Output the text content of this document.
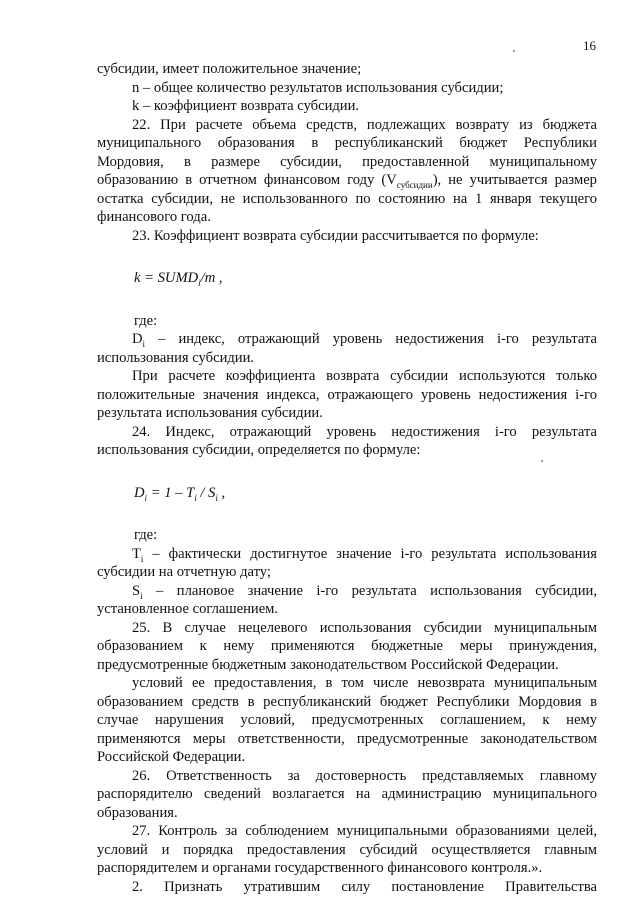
16

субсидии, имеет положительное значение;

n – общее количество результатов использования субсидии;

k – коэффициент возврата субсидии.

22. При расчете объема средств, подлежащих возврату из бюджета муниципального образования в республиканский бюджет Республики Мордовия, в размере субсидии, предоставленной муниципальному образованию в отчетном финансовом году $(V_{субсидии})$, не учитывается размер остатка субсидии, не использованного по состоянию на 1 января текущего финансового года.

23. Коэффициент возврата субсидии рассчитывается по формуле:

$k = SUMD_i/m$ ,

где:

$D_i$ – индекс, отражающий уровень недостижения i-го результата использования субсидии.

При расчете коэффициента возврата субсидии используются только положительные значения индекса, отражающего уровень недостижения i-го результата использования субсидии.

24. Индекс, отражающий уровень недостижения i-го результата использования субсидии, определяется по формуле:

$D_i = 1 - T_i / S_i$ ,

где:

$T_i$ – фактически достигнутое значение i-го результата использования субсидии на отчетную дату;

$S_i$ – плановое значение i-го результата использования субсидии, установленное соглашением.

25. В случае нецелевого использования субсидии муниципальным образованием к нему применяются бюджетные меры принуждения, предусмотренные бюджетным законодательством Российской Федерации.

условий ее предоставления, в том числе невозврата муниципальным образованием средств в республиканский бюджет Республики Мордовия в случае нарушения условий, предусмотренных соглашением, к нему применяются меры ответственности, предусмотренные законодательством Российской Федерации.

26. Ответственность за достоверность представляемых главному распорядителю сведений возлагается на администрацию муниципального образования.

27. Контроль за соблюдением муниципальными образованиями целей, условий и порядка предоставления субсидий осуществляется главным распорядителем и органами государственного финансового контроля.».

2. Признать утратившим силу постановление Правительства
